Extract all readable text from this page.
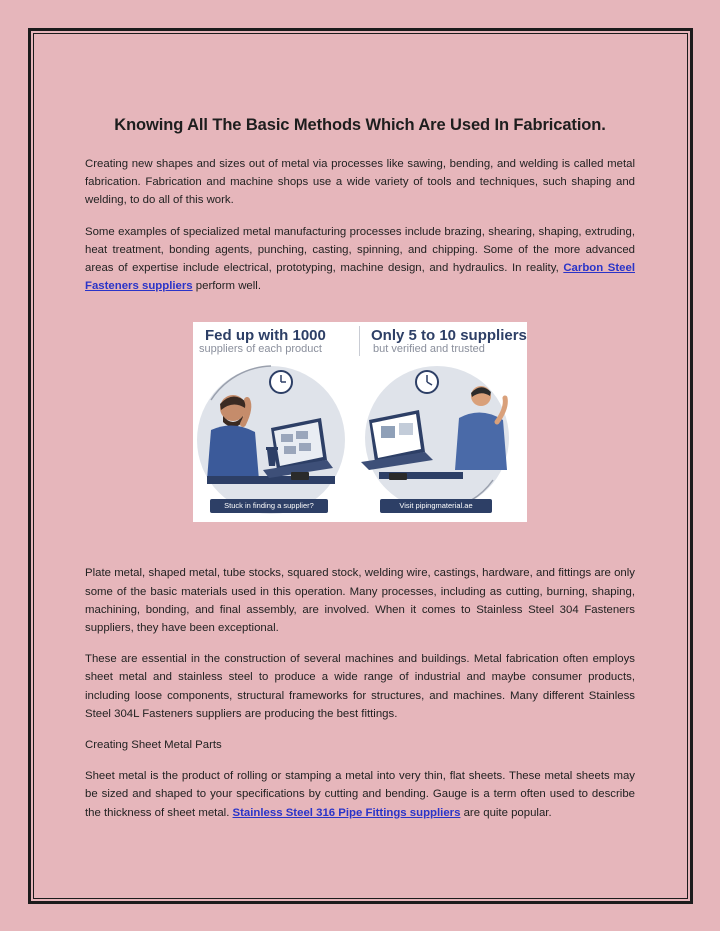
Knowing All The Basic Methods Which Are Used In Fabrication.

Creating new shapes and sizes out of metal via processes like sawing, bending, and welding is called metal fabrication. Fabrication and machine shops use a wide variety of tools and techniques, such shaping and welding, to do all of this work.

Some examples of specialized metal manufacturing processes include brazing, shearing, shaping, extruding, heat treatment, bonding agents, punching, casting, spinning, and chipping. Some of the more advanced areas of expertise include electrical, prototyping, machine design, and hydraulics. In reality, Carbon Steel Fasteners suppliers perform well.

Fed up with 1000
suppliers of each product
Only 5 to 10 suppliers
but verified and trusted
Stuck in finding a supplier?	Visit pipingmaterial.ae

Plate metal, shaped metal, tube stocks, squared stock, welding wire, castings, hardware, and fittings are only some of the basic materials used in this operation. Many processes, including as cutting, burning, shaping, machining, bonding, and final assembly, are involved. When it comes to Stainless Steel 304 Fasteners suppliers, they have been exceptional.

These are essential in the construction of several machines and buildings. Metal fabrication often employs sheet metal and stainless steel to produce a wide range of industrial and maybe consumer products, including loose components, structural frameworks for structures, and machines. Many different Stainless Steel 304L Fasteners suppliers are producing the best fittings.

Creating Sheet Metal Parts

Sheet metal is the product of rolling or stamping a metal into very thin, flat sheets. These metal sheets may be sized and shaped to your specifications by cutting and bending. Gauge is a term often used to describe the thickness of sheet metal. Stainless Steel 316 Pipe Fittings suppliers are quite popular.
